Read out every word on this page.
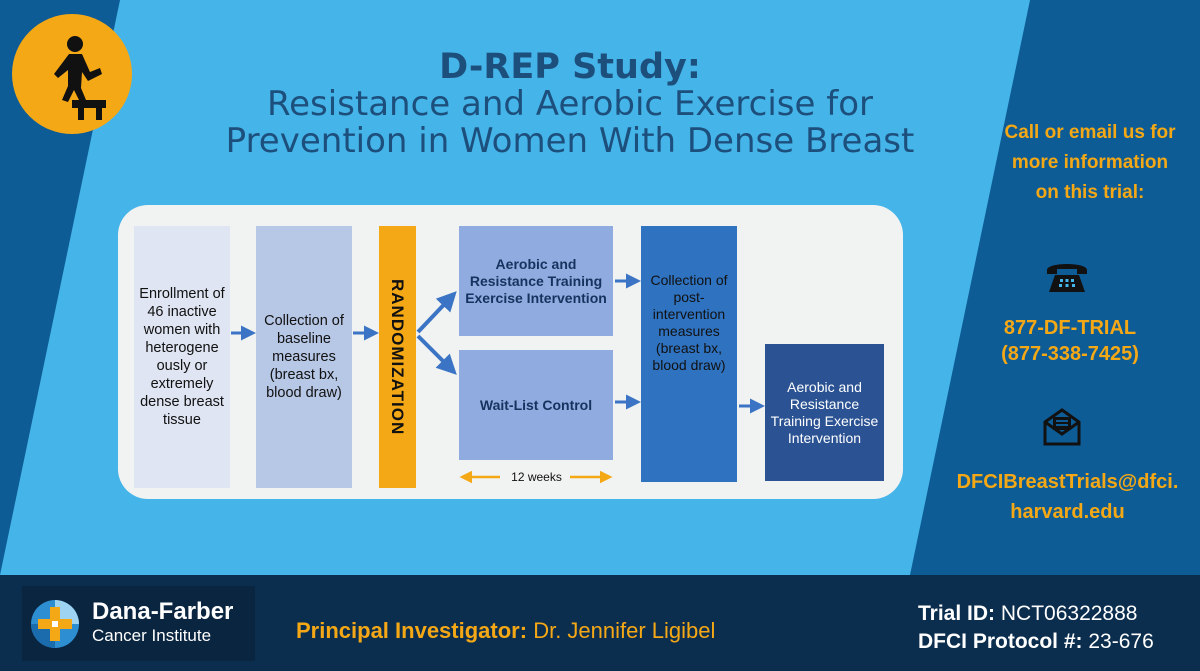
D-REP Study:
Resistance and Aerobic Exercise for
Prevention in Women With Dense Breast
Enrollment of 46 inactive women with heterogene ously or extremely dense breast tissue
Collection of baseline measures (breast bx, blood draw)	RANDOMIZATION
Aerobic and Resistance Training Exercise Intervention
Wait-List Control
Collection of post-intervention measures (breast bx, blood draw)
Aerobic and Resistance Training Exercise Intervention
12 weeks
Call or email us for more information on this trial:
877-DF-TRIAL
(877-338-7425)
DFCIBreastTrials@dfci.
harvard.edu
Dana-Farber
Cancer Institute	Principal Investigator: Dr. Jennifer Ligibel
Trial ID: NCT06322888
DFCI Protocol #: 23-676
